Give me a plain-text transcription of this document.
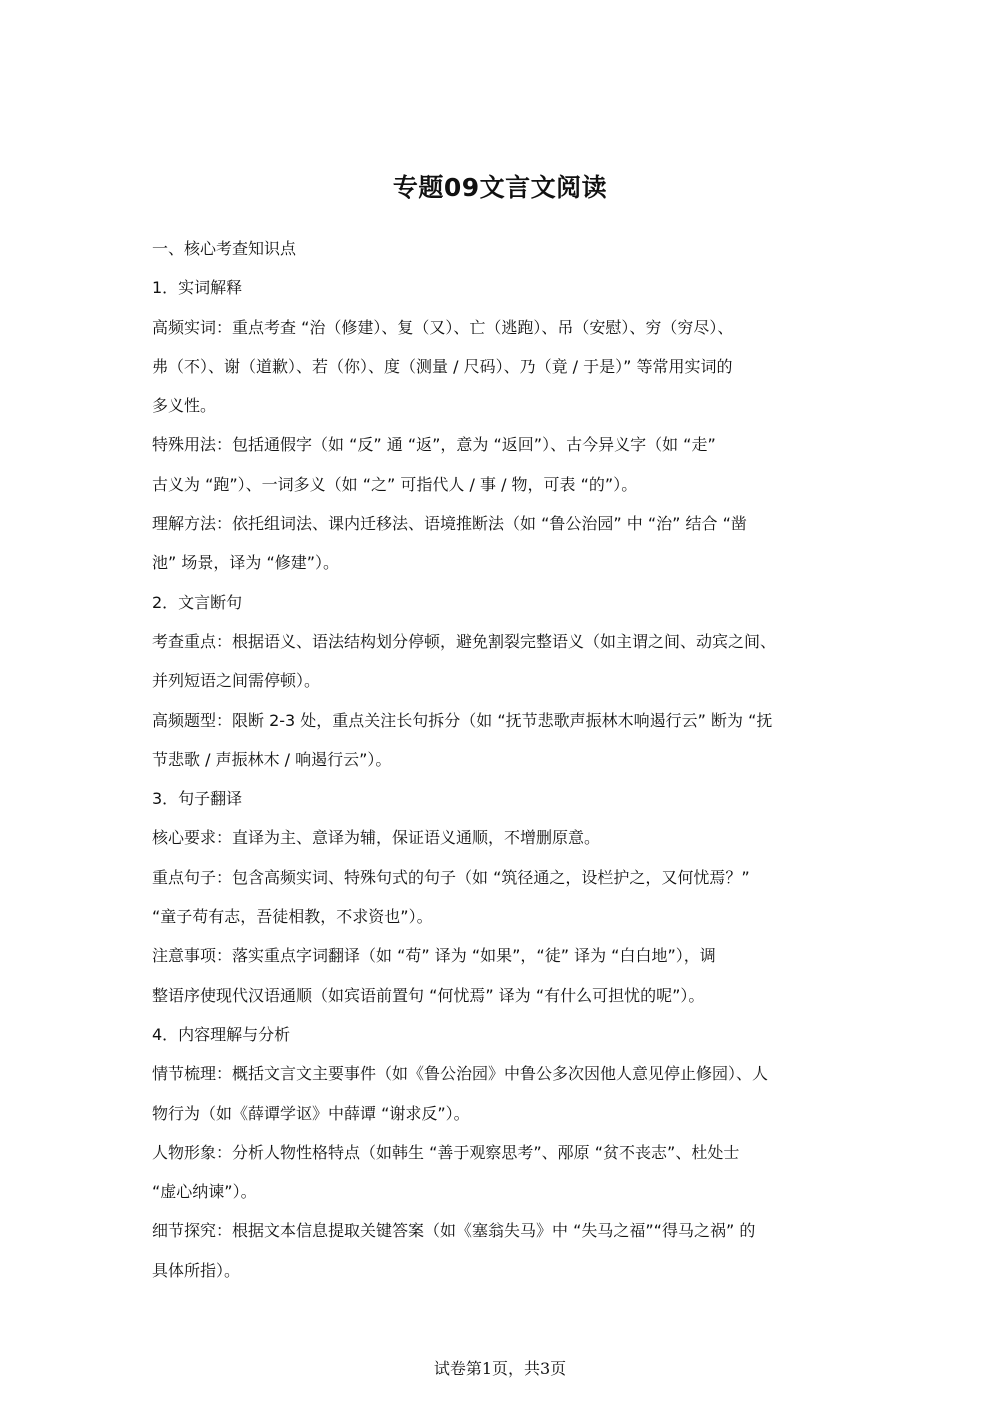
专题09文言文阅读
一、核心考查知识点
1．实词解释
高频实词：重点考查 “治（修建）、复（又）、亡（逃跑）、吊（安慰）、穷（穷尽）、
弗（不）、谢（道歉）、若（你）、度（测量 / 尺码）、乃（竟 / 于是）” 等常用实词的
多义性。
特殊用法：包括通假字（如 “反” 通 “返”，意为 “返回”）、古今异义字（如 “走”
古义为 “跑”）、一词多义（如 “之” 可指代人 / 事 / 物，可表 “的”）。
理解方法：依托组词法、课内迁移法、语境推断法（如 “鲁公治园” 中 “治” 结合 “凿
池” 场景，译为 “修建”）。
2．文言断句
考查重点：根据语义、语法结构划分停顿，避免割裂完整语义（如主谓之间、动宾之间、
并列短语之间需停顿）。
高频题型：限断 2-3 处，重点关注长句拆分（如 “抚节悲歌声振林木响遏行云” 断为 “抚
节悲歌 / 声振林木 / 响遏行云”）。
3．句子翻译
核心要求：直译为主、意译为辅，保证语义通顺，不增删原意。
重点句子：包含高频实词、特殊句式的句子（如 “筑径通之，设栏护之，又何忧焉？”
“童子苟有志，吾徒相教，不求资也”）。
注意事项：落实重点字词翻译（如 “苟” 译为 “如果”，“徒” 译为 “白白地”），调
整语序使现代汉语通顺（如宾语前置句 “何忧焉” 译为 “有什么可担忧的呢”）。
4．内容理解与分析
情节梳理：概括文言文主要事件（如《鲁公治园》中鲁公多次因他人意见停止修园）、人
物行为（如《薛谭学讴》中薛谭 “谢求反”）。
人物形象：分析人物性格特点（如韩生 “善于观察思考”、邴原 “贫不丧志”、杜处士
“虚心纳谏”）。
细节探究：根据文本信息提取关键答案（如《塞翁失马》中 “失马之福”“得马之祸” 的
具体所指）。
试卷第1页，共3页
